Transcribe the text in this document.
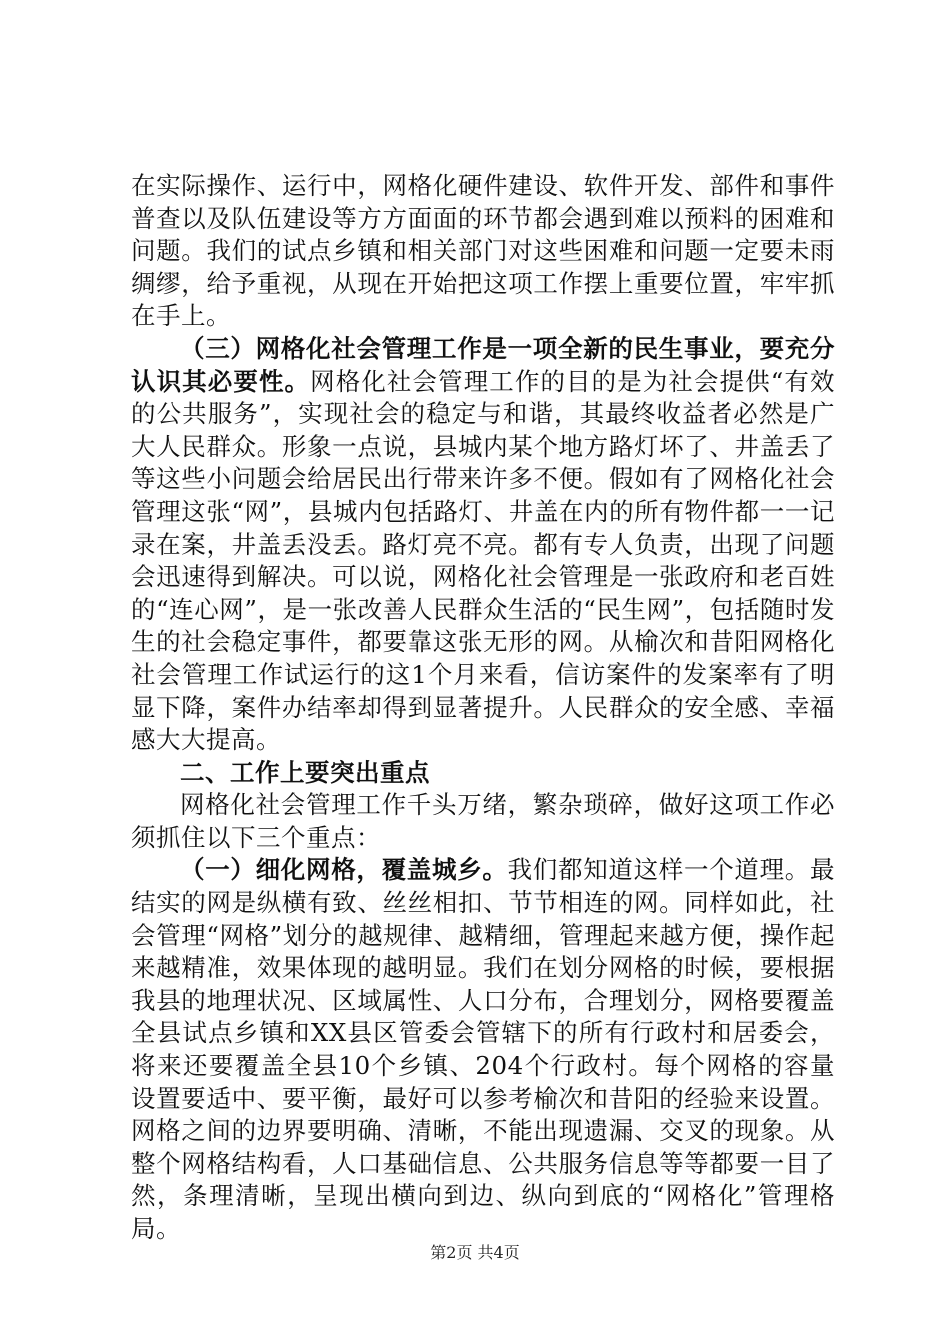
在实际操作、运行中，网格化硬件建设、软件开发、部件和事件普查以及队伍建设等方方面面的环节都会遇到难以预料的困难和问题。我们的试点乡镇和相关部门对这些困难和问题一定要未雨绸缪，给予重视，从现在开始把这项工作摆上重要位置，牢牢抓在手上。

（三）网格化社会管理工作是一项全新的民生事业，要充分认识其必要性。网格化社会管理工作的目的是为社会提供“有效的公共服务”，实现社会的稳定与和谐，其最终收益者必然是广大人民群众。形象一点说，县城内某个地方路灯坏了、井盖丢了等这些小问题会给居民出行带来许多不便。假如有了网格化社会管理这张“网”，县城内包括路灯、井盖在内的所有物件都一一记录在案，井盖丢没丢。路灯亮不亮。都有专人负责，出现了问题会迅速得到解决。可以说，网格化社会管理是一张政府和老百姓的“连心网”，是一张改善人民群众生活的“民生网”，包括随时发生的社会稳定事件，都要靠这张无形的网。从榆次和昔阳网格化社会管理工作试运行的这1个月来看，信访案件的发案率有了明显下降，案件办结率却得到显著提升。人民群众的安全感、幸福感大大提高。

二、工作上要突出重点

网格化社会管理工作千头万绪，繁杂琐碎，做好这项工作必须抓住以下三个重点：

（一）细化网格，覆盖城乡。我们都知道这样一个道理。最结实的网是纵横有致、丝丝相扣、节节相连的网。同样如此，社会管理“网格”划分的越规律、越精细，管理起来越方便，操作起来越精准，效果体现的越明显。我们在划分网格的时候，要根据我县的地理状况、区域属性、人口分布，合理划分，网格要覆盖全县试点乡镇和XX县区管委会管辖下的所有行政村和居委会，将来还要覆盖全县10个乡镇、204个行政村。每个网格的容量设置要适中、要平衡，最好可以参考榆次和昔阳的经验来设置。网格之间的边界要明确、清晰，不能出现遗漏、交叉的现象。从整个网格结构看，人口基础信息、公共服务信息等等都要一目了然，条理清晰，呈现出横向到边、纵向到底的“网格化”管理格局。

第2页 共4页
